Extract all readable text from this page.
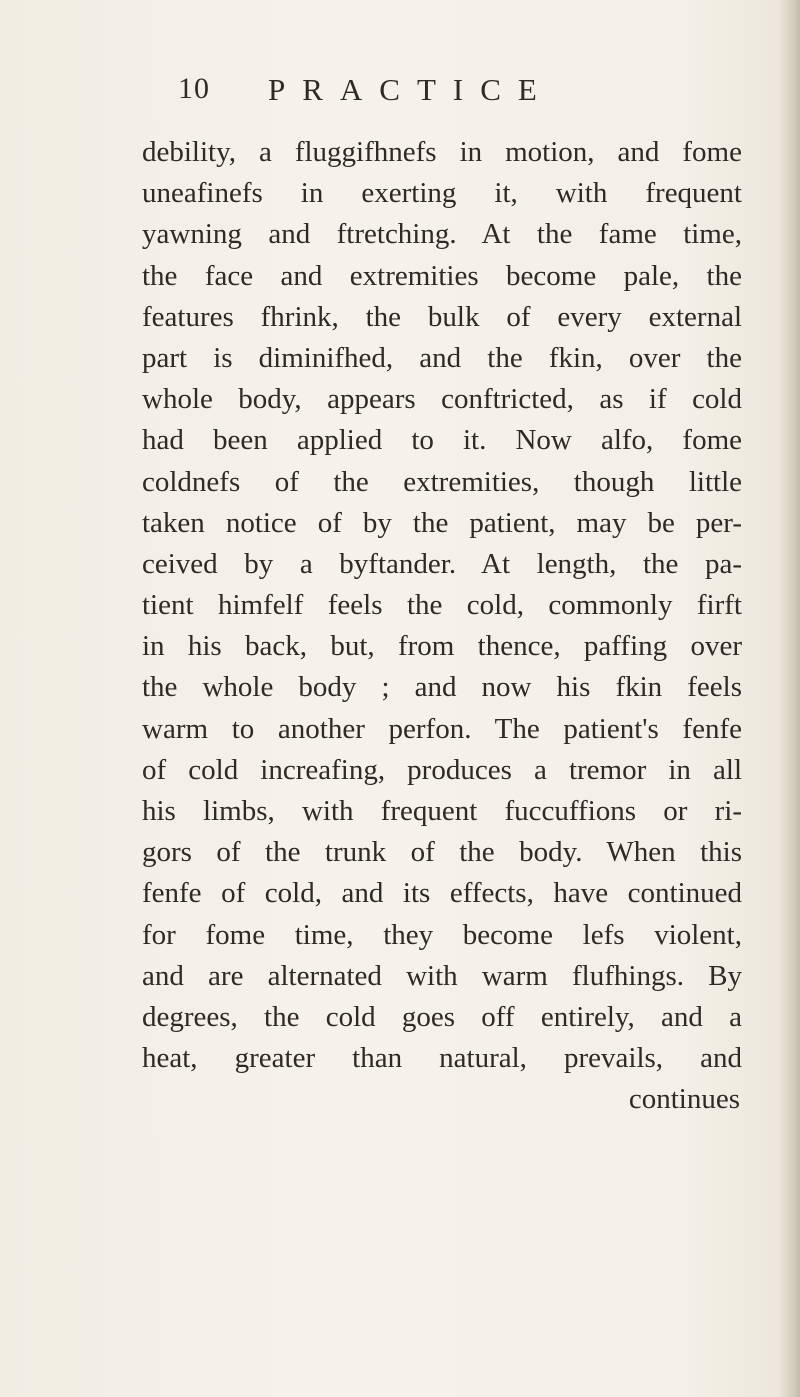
10 PRACTICE
debility, a fluggifhnefs in motion, and fome
uneafinefs in exerting it, with frequent
yawning and ftretching. At the fame time,
the face and extremities become pale, the
features fhrink, the bulk of every external
part is diminifhed, and the fkin, over the
whole body, appears conftricted, as if cold
had been applied to it. Now alfo, fome
coldnefs of the extremities, though little
taken notice of by the patient, may be per-
ceived by a byftander. At length, the pa-
tient himfelf feels the cold, commonly firft
in his back, but, from thence, paffing over
the whole body ; and now his fkin feels
warm to another perfon. The patient's fenfe
of cold increafing, produces a tremor in all
his limbs, with frequent fuccuffions or ri-
gors of the trunk of the body. When this
fenfe of cold, and its effects, have continued
for fome time, they become lefs violent,
and are alternated with warm flufhings. By
degrees, the cold goes off entirely, and a
heat, greater than natural, prevails, and
continues
